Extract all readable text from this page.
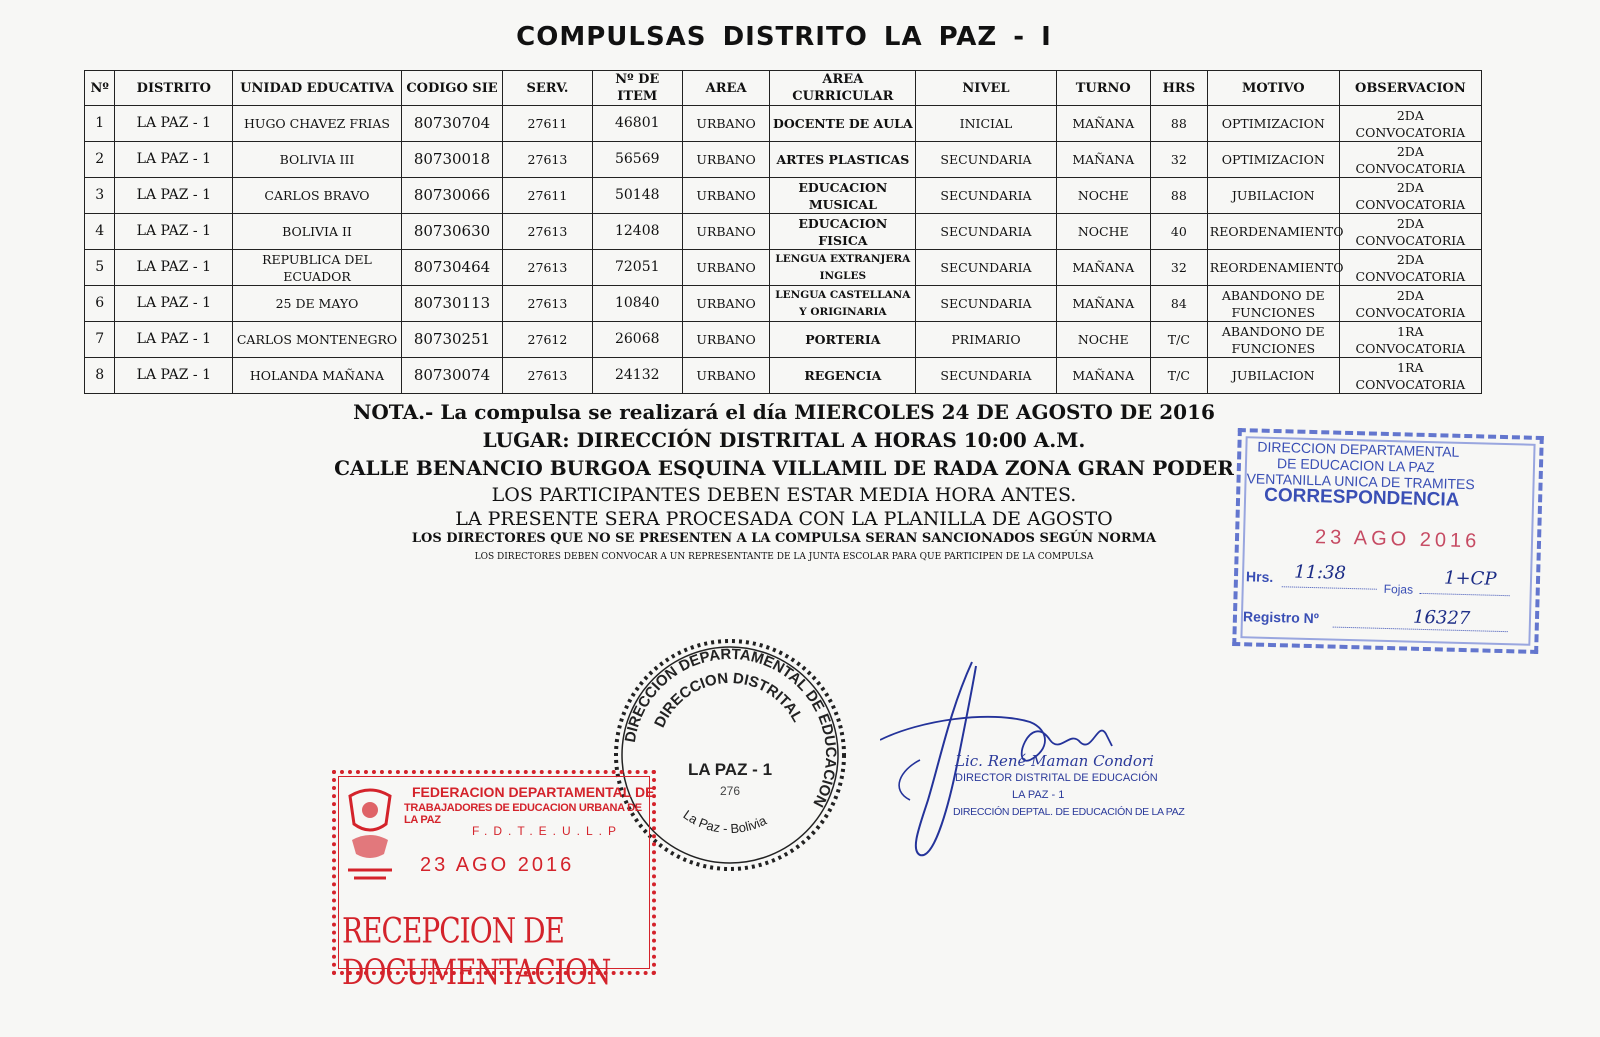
COMPULSAS DISTRITO LA PAZ - I
Nº	DISTRITO	UNIDAD EDUCATIVA	CODIGO SIE	SERV.	Nº DE ITEM	AREA	AREA CURRICULAR	NIVEL	TURNO	HRS	MOTIVO	OBSERVACION
1	LA PAZ - 1	HUGO CHAVEZ FRIAS	80730704	27611	46801	URBANO	DOCENTE DE AULA	INICIAL	MAÑANA	88	OPTIMIZACION	2DA CONVOCATORIA
2	LA PAZ - 1	BOLIVIA III	80730018	27613	56569	URBANO	ARTES PLASTICAS	SECUNDARIA	MAÑANA	32	OPTIMIZACION	2DA CONVOCATORIA
3	LA PAZ - 1	CARLOS BRAVO	80730066	27611	50148	URBANO	EDUCACION MUSICAL	SECUNDARIA	NOCHE	88	JUBILACION	2DA CONVOCATORIA
4	LA PAZ - 1	BOLIVIA II	80730630	27613	12408	URBANO	EDUCACION FISICA	SECUNDARIA	NOCHE	40	REORDENAMIENTO	2DA CONVOCATORIA
5	LA PAZ - 1	REPUBLICA DEL ECUADOR	80730464	27613	72051	URBANO	LENGUA EXTRANJERA INGLES	SECUNDARIA	MAÑANA	32	REORDENAMIENTO	2DA CONVOCATORIA
6	LA PAZ - 1	25 DE MAYO	80730113	27613	10840	URBANO	LENGUA CASTELLANA Y ORIGINARIA	SECUNDARIA	MAÑANA	84	ABANDONO DE FUNCIONES	2DA CONVOCATORIA
7	LA PAZ - 1	CARLOS MONTENEGRO	80730251	27612	26068	URBANO	PORTERIA	PRIMARIO	NOCHE	T/C	ABANDONO DE FUNCIONES	1RA CONVOCATORIA
8	LA PAZ - 1	HOLANDA MAÑANA	80730074	27613	24132	URBANO	REGENCIA	SECUNDARIA	MAÑANA	T/C	JUBILACION	1RA CONVOCATORIA
NOTA.- La compulsa se realizará el día MIERCOLES 24 DE AGOSTO DE 2016
LUGAR: DIRECCIÓN DISTRITAL A HORAS 10:00 A.M.
CALLE BENANCIO BURGOA ESQUINA VILLAMIL DE RADA ZONA GRAN PODER
LOS PARTICIPANTES DEBEN ESTAR MEDIA HORA ANTES.
LA PRESENTE SERA PROCESADA CON LA PLANILLA DE AGOSTO
LOS DIRECTORES QUE NO SE PRESENTEN A LA COMPULSA SERAN SANCIONADOS SEGÚN NORMA
LOS DIRECTORES DEBEN CONVOCAR A UN REPRESENTANTE DE LA JUNTA ESCOLAR PARA QUE PARTICIPEN DE LA COMPULSA
DIRECCION DEPARTAMENTAL
DE EDUCACION LA PAZ
VENTANILLA UNICA DE TRAMITES
CORRESPONDENCIA
23 AGO 2016
Hrs. 11:38
Fojas 1+CP
Registro Nº	16327
DIRECCION DEPARTAMENTAL DE EDUCACION
DIRECCION DISTRITAL
LA PAZ - 1
276
La Paz - Bolivia
FEDERACION DEPARTAMENTAL DE
TRABAJADORES DE EDUCACION URBANA DE LA PAZ
F.D.T.E.U.L.P
23 AGO 2016
RECEPCION DE DOCUMENTACION
Lic. René Maman Condori
DIRECTOR DISTRITAL DE EDUCACIÓN
LA PAZ - 1
DIRECCIÓN DEPTAL. DE EDUCACIÓN DE LA PAZ
